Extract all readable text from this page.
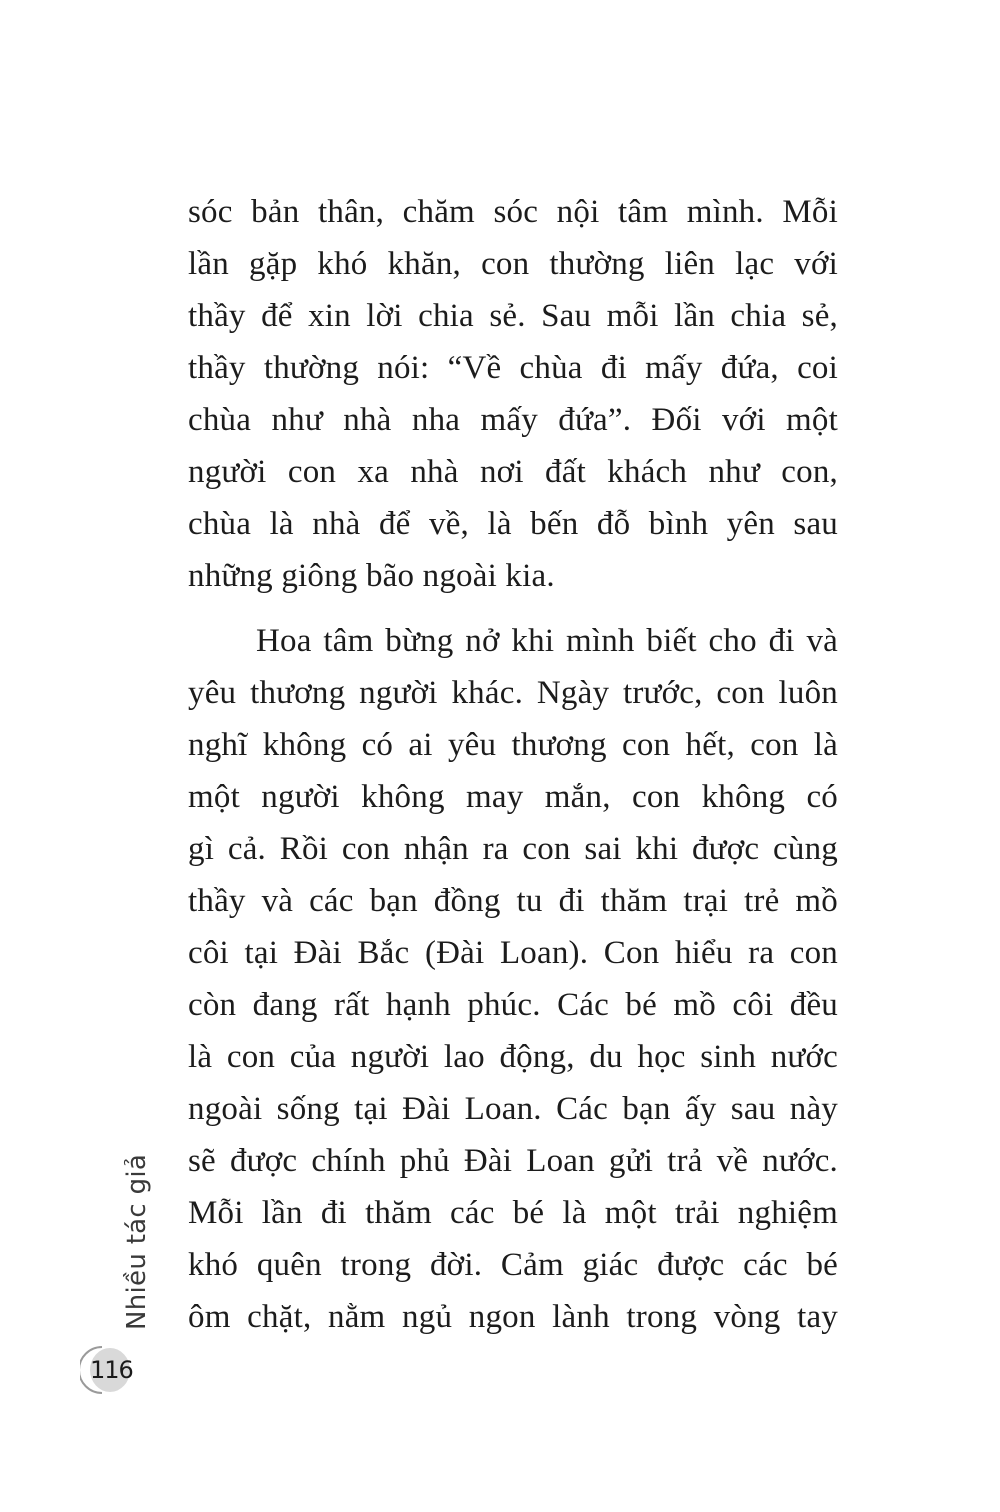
sóc bản thân, chăm sóc nội tâm mình. Mỗi
lần gặp khó khăn, con thường liên lạc với
thầy để xin lời chia sẻ. Sau mỗi lần chia sẻ,
thầy thường nói: “Về chùa đi mấy đứa, coi
chùa như nhà nha mấy đứa”. Đối với một
người con xa nhà nơi đất khách như con,
chùa là nhà để về, là bến đỗ bình yên sau
những giông bão ngoài kia.

Hoa tâm bừng nở khi mình biết cho đi và
yêu thương người khác. Ngày trước, con luôn
nghĩ không có ai yêu thương con hết, con là
một người không may mắn, con không có
gì cả. Rồi con nhận ra con sai khi được cùng
thầy và các bạn đồng tu đi thăm trại trẻ mồ
côi tại Đài Bắc (Đài Loan). Con hiểu ra con
còn đang rất hạnh phúc. Các bé mồ côi đều
là con của người lao động, du học sinh nước
ngoài sống tại Đài Loan. Các bạn ấy sau này
sẽ được chính phủ Đài Loan gửi trả về nước.
Mỗi lần đi thăm các bé là một trải nghiệm
khó quên trong đời. Cảm giác được các bé
ôm chặt, nằm ngủ ngon lành trong vòng tay

Nhiều tác giả
116
